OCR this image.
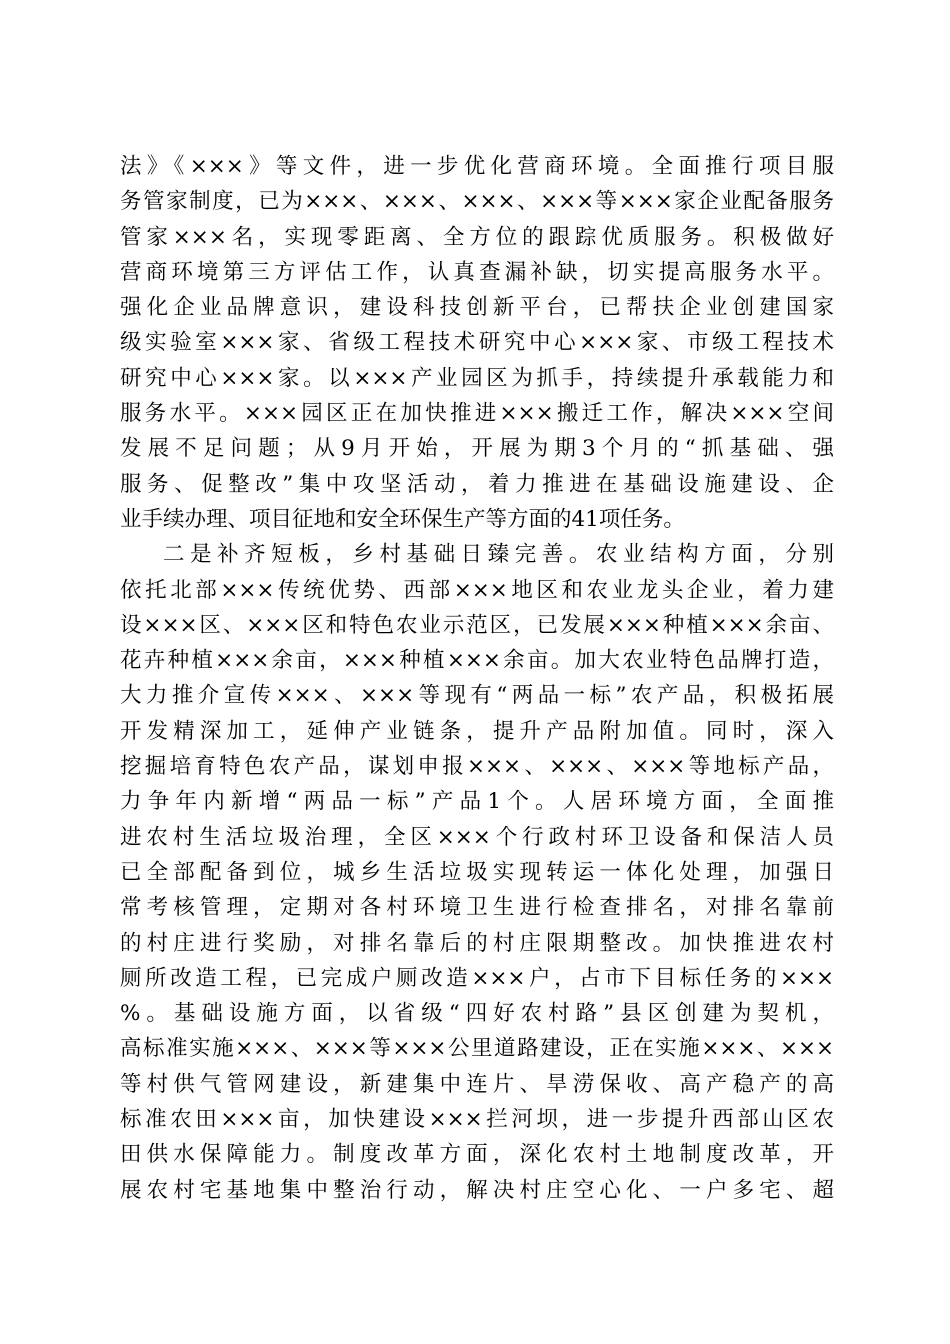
法》《×××》等文件，进一步优化营商环境。全面推行项目服
务管家制度，已为×××、×××、×××、×××等×××家企业配备服务
管家×××名，实现零距离、全方位的跟踪优质服务。积极做好
营商环境第三方评估工作，认真查漏补缺，切实提高服务水平。
强化企业品牌意识，建设科技创新平台，已帮扶企业创建国家
级实验室×××家、省级工程技术研究中心×××家、市级工程技术
研究中心×××家。以×××产业园区为抓手，持续提升承载能力和
服务水平。×××园区正在加快推进×××搬迁工作，解决×××空间
发展不足问题；从9月开始，开展为期3个月的“抓基础、强
服务、促整改”集中攻坚活动，着力推进在基础设施建设、企
业手续办理、项目征地和安全环保生产等方面的41项任务。
二是补齐短板，乡村基础日臻完善。农业结构方面，分别
依托北部×××传统优势、西部×××地区和农业龙头企业，着力建
设×××区、×××区和特色农业示范区，已发展×××种植×××余亩、
花卉种植×××余亩，×××种植×××余亩。加大农业特色品牌打造，
大力推介宣传×××、×××等现有“两品一标”农产品，积极拓展
开发精深加工，延伸产业链条，提升产品附加值。同时，深入
挖掘培育特色农产品，谋划申报×××、×××、×××等地标产品，
力争年内新增“两品一标”产品1个。人居环境方面，全面推
进农村生活垃圾治理，全区×××个行政村环卫设备和保洁人员
已全部配备到位，城乡生活垃圾实现转运一体化处理，加强日
常考核管理，定期对各村环境卫生进行检查排名，对排名靠前
的村庄进行奖励，对排名靠后的村庄限期整改。加快推进农村
厕所改造工程，已完成户厕改造×××户，占市下目标任务的×××
%。基础设施方面，以省级“四好农村路”县区创建为契机，
高标准实施×××、×××等×××公里道路建设，正在实施×××、×××
等村供气管网建设，新建集中连片、旱涝保收、高产稳产的高
标准农田×××亩，加快建设×××拦河坝，进一步提升西部山区农
田供水保障能力。制度改革方面，深化农村土地制度改革，开
展农村宅基地集中整治行动，解决村庄空心化、一户多宅、超
